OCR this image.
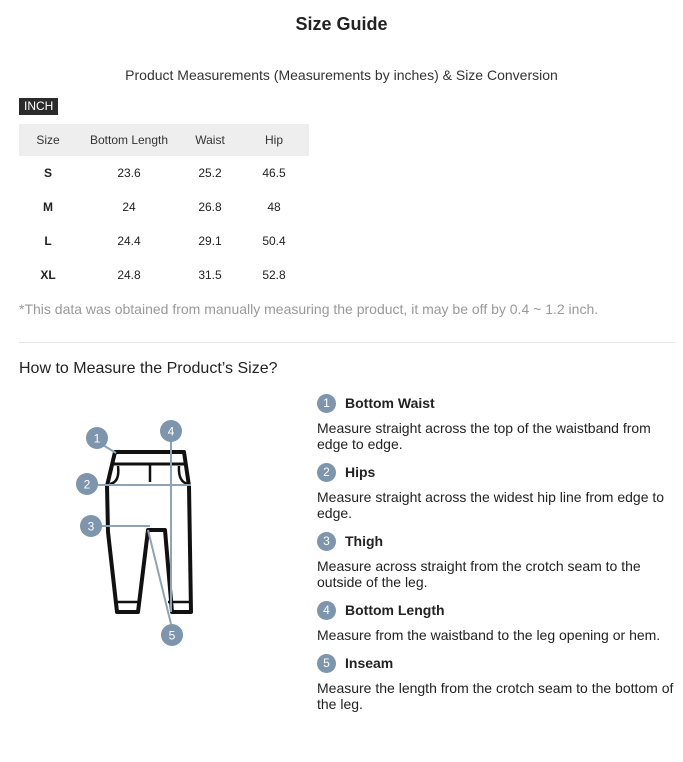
Size Guide
Product Measurements (Measurements by inches) & Size Conversion
INCH
Size	Bottom Length	Waist	Hip
S	23.6	25.2	46.5
M	24	26.8	48
L	24.4	29.1	50.4
XL	24.8	31.5	52.8
*This data was obtained from manually measuring the product, it may be off by 0.4 ~ 1.2 inch.
How to Measure the Product’s Size?
1
2
3
4
5
1	Bottom Waist
Measure straight across the top of the waistband from edge to edge.
2	Hips
Measure straight across the widest hip line from edge to edge.
3	Thigh
Measure across straight from the crotch seam to the outside of the leg.
4	Bottom Length
Measure from the waistband to the leg opening or hem.
5	Inseam
Measure the length from the crotch seam to the bottom of the leg.
